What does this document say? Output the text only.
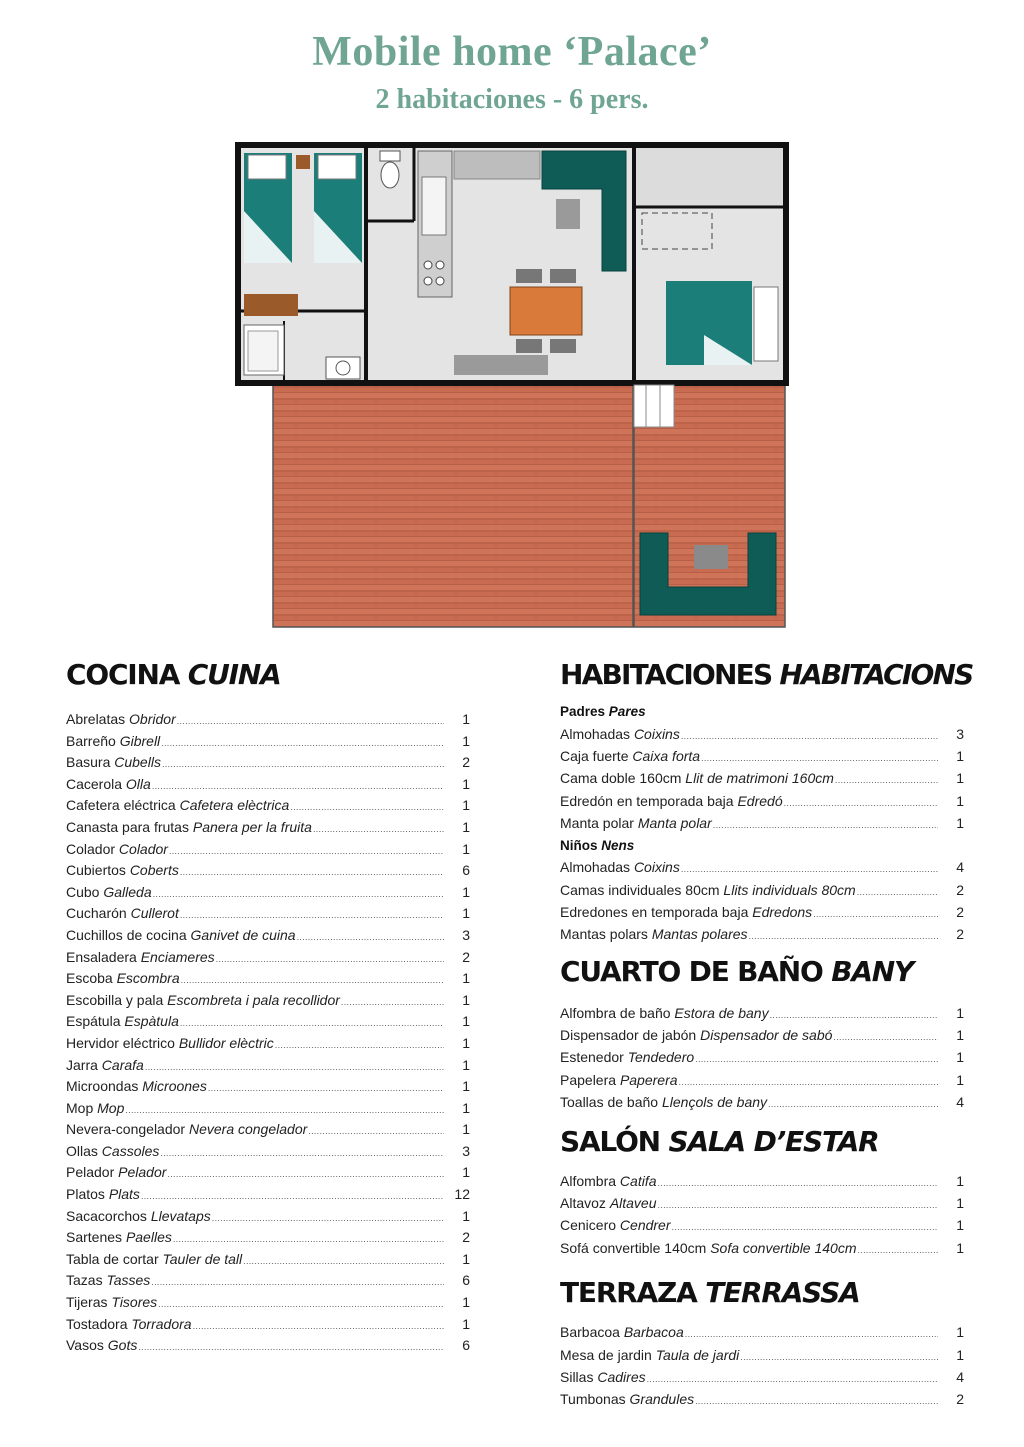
Mobile home ‘Palace’
2 habitaciones - 6 pers.
COCINA CUINA
Abrelatas Obridor .....	1
Barreño Gibrell .....	1
Basura Cubells .....	2
Cacerola Olla .....	1
Cafetera eléctrica Cafetera elèctrica .....	1
Canasta para frutas Panera per la fruita .....	1
Colador Colador .....	1
Cubiertos Coberts .....	6
Cubo Galleda .....	1
Cucharón Cullerot .....	1
Cuchillos de cocina Ganivet de cuina .....	3
Ensaladera Enciameres .....	2
Escoba Escombra .....	1
Escobilla y pala Escombreta i pala recollidor .....	1
Espátula Espàtula .....	1
Hervidor eléctrico Bullidor elèctric .....	1
Jarra Carafa .....	1
Microondas Microones .....	1
Mop Mop .....	1
Nevera-congelador Nevera congelador .....	1
Ollas Cassoles .....	3
Pelador Pelador .....	1
Platos Plats .....	12
Sacacorchos Llevataps .....	1
Sartenes Paelles .....	2
Tabla de cortar Tauler de tall .....	1
Tazas Tasses .....	6
Tijeras Tisores .....	1
Tostadora Torradora .....	1
Vasos Gots .....	6
HABITACIONES HABITACIONS
Padres Pares
Almohadas Coixins .....	3
Caja fuerte Caixa forta .....	1
Cama doble 160cm Llit de matrimoni 160cm .....	1
Edredón en temporada baja Edredó .....	1
Manta polar Manta polar .....	1
Niños Nens
Almohadas Coixins .....	4
Camas individuales 80cm Llits individuals 80cm .....	2
Edredones en temporada baja Edredons .....	2
Mantas polars Mantas polares .....	2
CUARTO DE BAÑO BANY
Alfombra de baño Estora de bany .....	1
Dispensador de jabón Dispensador de sabó .....	1
Estenedor Tendedero .....	1
Papelera Paperera .....	1
Toallas de baño Llençols de bany .....	4
SALÓN SALA D’ESTAR
Alfombra Catifa .....	1
Altavoz Altaveu .....	1
Cenicero Cendrer .....	1
Sofá convertible 140cm Sofa convertible 140cm .....	1
TERRAZA TERRASSA
Barbacoa Barbacoa .....	1
Mesa de jardin Taula de jardi .....	1
Sillas Cadires .....	4
Tumbonas Grandules .....	2
